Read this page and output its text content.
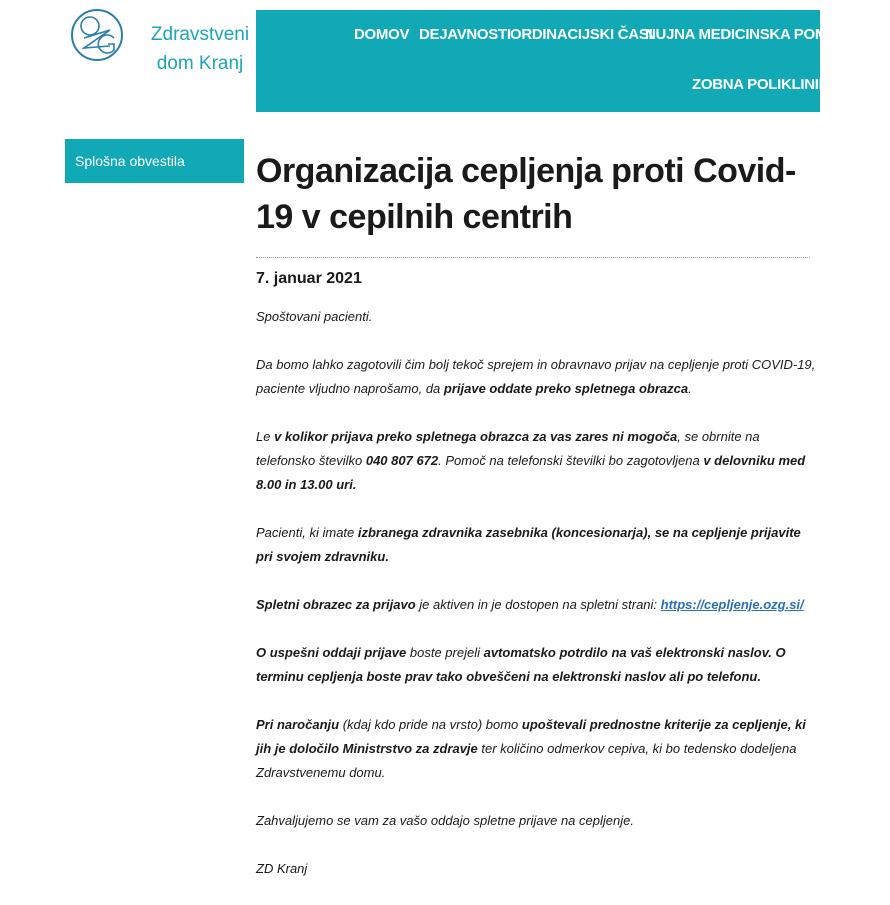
Zdravstveni
dom Kranj
DOMOV DEJAVNOSTI ORDINACIJSKI ČASI
NUJNA MEDICINSKA POMOČ
ZOBNA POLIKLINIKA
Splošna obvestila Organizacija cepljenja proti Covid-19 v cepilnih centrih
7. januar 2021

Spoštovani pacienti.

Da bomo lahko zagotovili čim bolj tekoč sprejem in obravnavo prijav na cepljenje proti COVID-19, paciente vljudno naprošamo, da prijave oddate preko spletnega obrazca.

Le v kolikor prijava preko spletnega obrazca za vas zares ni mogoča, se obrnite na telefonsko številko 040 807 672. Pomoč na telefonski številki bo zagotovljena v delovniku med 8.00 in 13.00 uri.

Pacienti, ki imate izbranega zdravnika zasebnika (koncesionarja), se na cepljenje prijavite pri svojem zdravniku.

Spletni obrazec za prijavo je aktiven in je dostopen na spletni strani: https://cepljenje.ozg.si/

O uspešni oddaji prijave boste prejeli avtomatsko potrdilo na vaš elektronski naslov. O terminu cepljenja boste prav tako obveščeni na elektronski naslov ali po telefonu.

Pri naročanju (kdaj kdo pride na vrsto) bomo upoštevali prednostne kriterije za cepljenje, ki jih je določilo Ministrstvo za zdravje ter količino odmerkov cepiva, ki bo tedensko dodeljena Zdravstvenemu domu.

Zahvaljujemo se vam za vašo oddajo spletne prijave na cepljenje.

ZD Kranj
